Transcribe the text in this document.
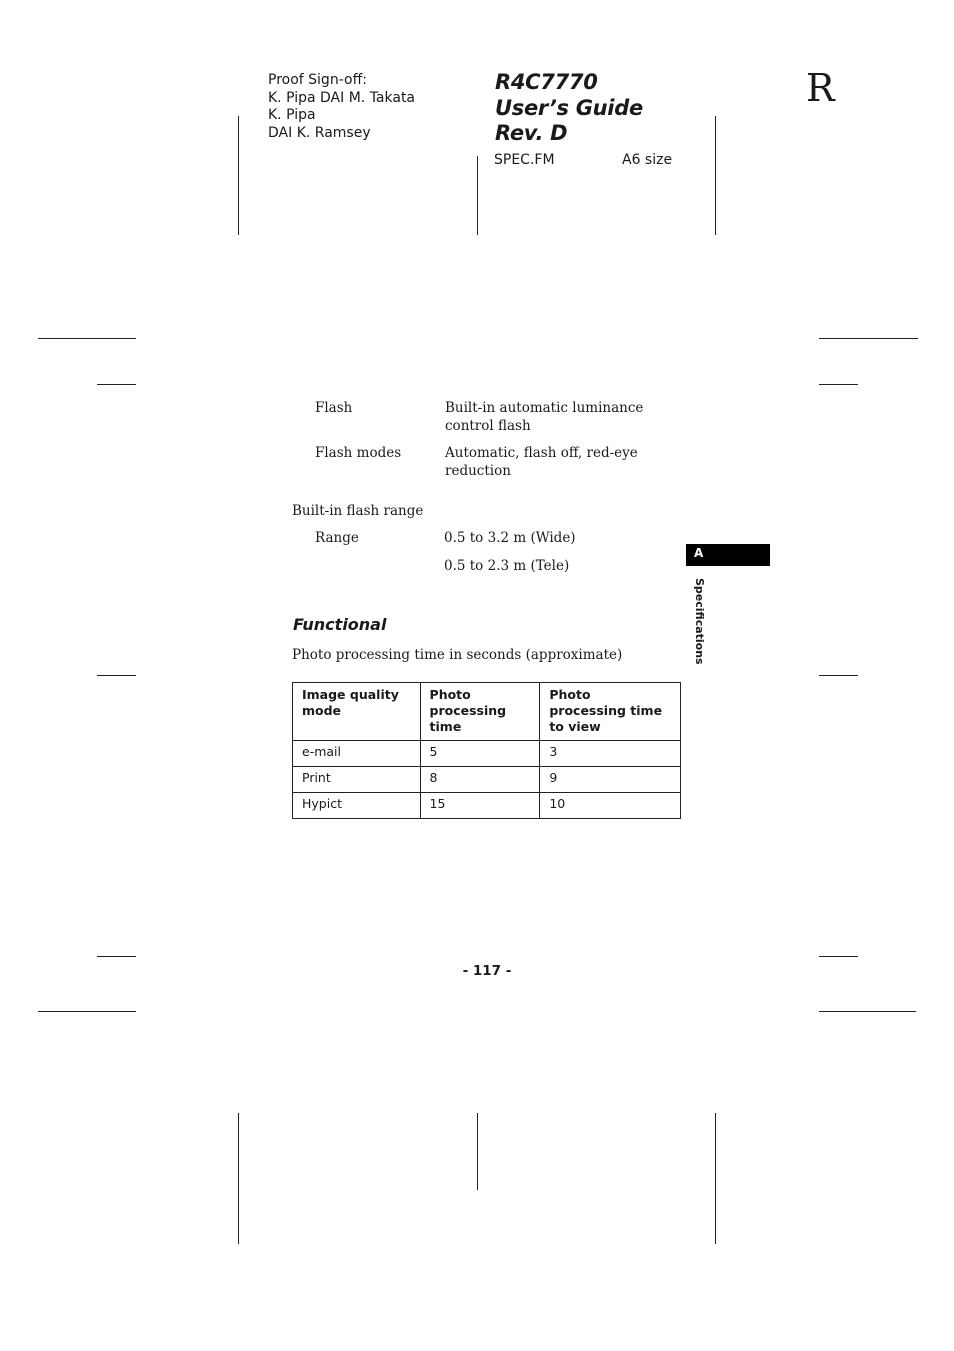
Proof Sign-off:
K. Pipa DAI M. Takata
K. Pipa
DAI K. Ramsey
R4C7770
User’s Guide
Rev. D
SPEC.FM	A6 size
R
Flash	Built-in automatic luminance
control flash
Flash modes	Automatic, flash off, red-eye
reduction
Built-in flash range
Range	0.5 to 3.2 m (Wide)
0.5 to 2.3 m (Tele)
Functional
Photo processing time in seconds (approximate)
Image quality mode	Photo processing time	Photo processing time to view
e-mail	5	3
Print	8	9
Hypict	15	10
A
Specifications
- 117 -
